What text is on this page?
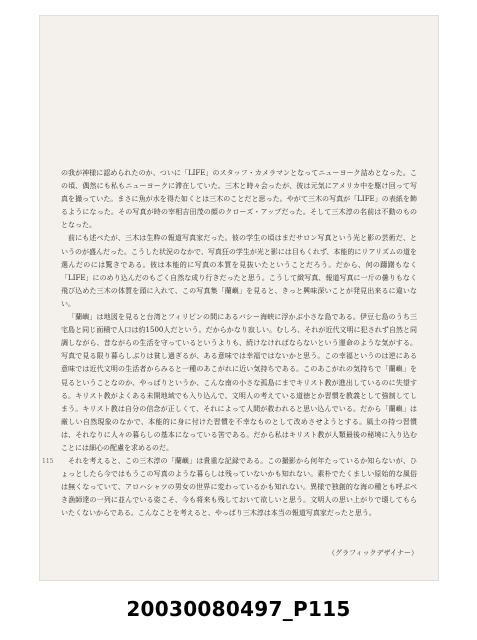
の我が神様に認められたのか、ついに「LIFE」のスタッフ・カメラマンとなってニューヨーク詰めとなった。この頃、偶然にも私もニューヨークに滞在していた。三木と時々会ったが、彼は元気にアメリカ中を駆け回って写真を撮っていた。まさに魚が水を得た如くとは三木のことだと思った。やがて三木の写真が「LIFE」の表紙を飾るようになった。その写真が時の宰相吉田茂の顔のクローズ・アップだった。そして三木淳の名前は不動のものとなった。

前にも述べたが、三木は生粋の報道写真家だった。彼の学生の頃はまだサロン写真という光と影の芸術だ、というのが盛んだった。こうした状況のなかで、写真狂の学生が光と影には目もくれず、本能的にリアリズムの道を選んだのには驚きである。彼は本能的に写真の本質を見抜いたということだろう。だから、何の躊躇もなく「LIFE」にのめり込んだのもごく自然な成り行きだったと思う。こうして緻写真、報道写真に一斤の曇りもなく飛び込めた三木の体質を頭に入れて、この写真集「蘭嶼」を見ると、きっと興味深いことが発見出来るに違いない。

「蘭嶼」は地図を見ると台湾とフィリピンの間にあるバシー海峡に浮かぶ小さな島である。伊豆七島のうち三宅島と同じ面積で人口は約1500人だという。だからかなり寂しい。むしろ、それが近代文明に犯されず自然と同調しながら、昔ながらの生活を守っているというよりも、続けなければならないという運命のような気がする。写真で見る限り暮らしぶりは貧し過ぎるが、ある意味では幸福ではないかと思う。この幸福というのは逆にある意味では近代文明の生活者からみると一種のあこがれに近い気持ちである。このあこがれの気持ちで「蘭嶼」を見るということなのか、やっぱりというか、こんな南の小さな孤島にまでキリスト教が進出しているのに失望する。キリスト教がよくある未開地域でも入り込んで、文明人の考えている道徳とか習慣を教義として強制してしまう。キリスト教は自分の信念が正しくて、それによって人間が救われると思い込んでいる。だから「蘭嶼」は厳しい自然現象のなかで、本能的に身に付けた習慣を不幸なものとして改めさせようとする。風土の持つ習慣は、それなりに人々の暮らしの基本になっている筈である。だから私はキリスト教が人類最後の秘境に入り込むことには細心の配慮を求めるのだ。

それを考えると、この三木淳の「蘭嶼」は貴重な記録である。この撮影から何年たっているか知らないが、ひょっとしたら今ではもうこの写真のような暮らしは残っていないかも知れない。素朴でたくましい原始的な風俗は無くなっていて、アロハシャツの男女の世界に変わっているかも知れない。異様で独創的な海の種とも呼ぶべき漁師達の一列に並んでいる姿こそ、今も将来も残しておいて欲しいと思う。文明人の思い上がりで壊してもらいたくないからである。こんなことを考えると、やっぱり三木淳は本当の報道写真家だったと思う。

115
（グラフィックデザイナー）
20030080497_P115
